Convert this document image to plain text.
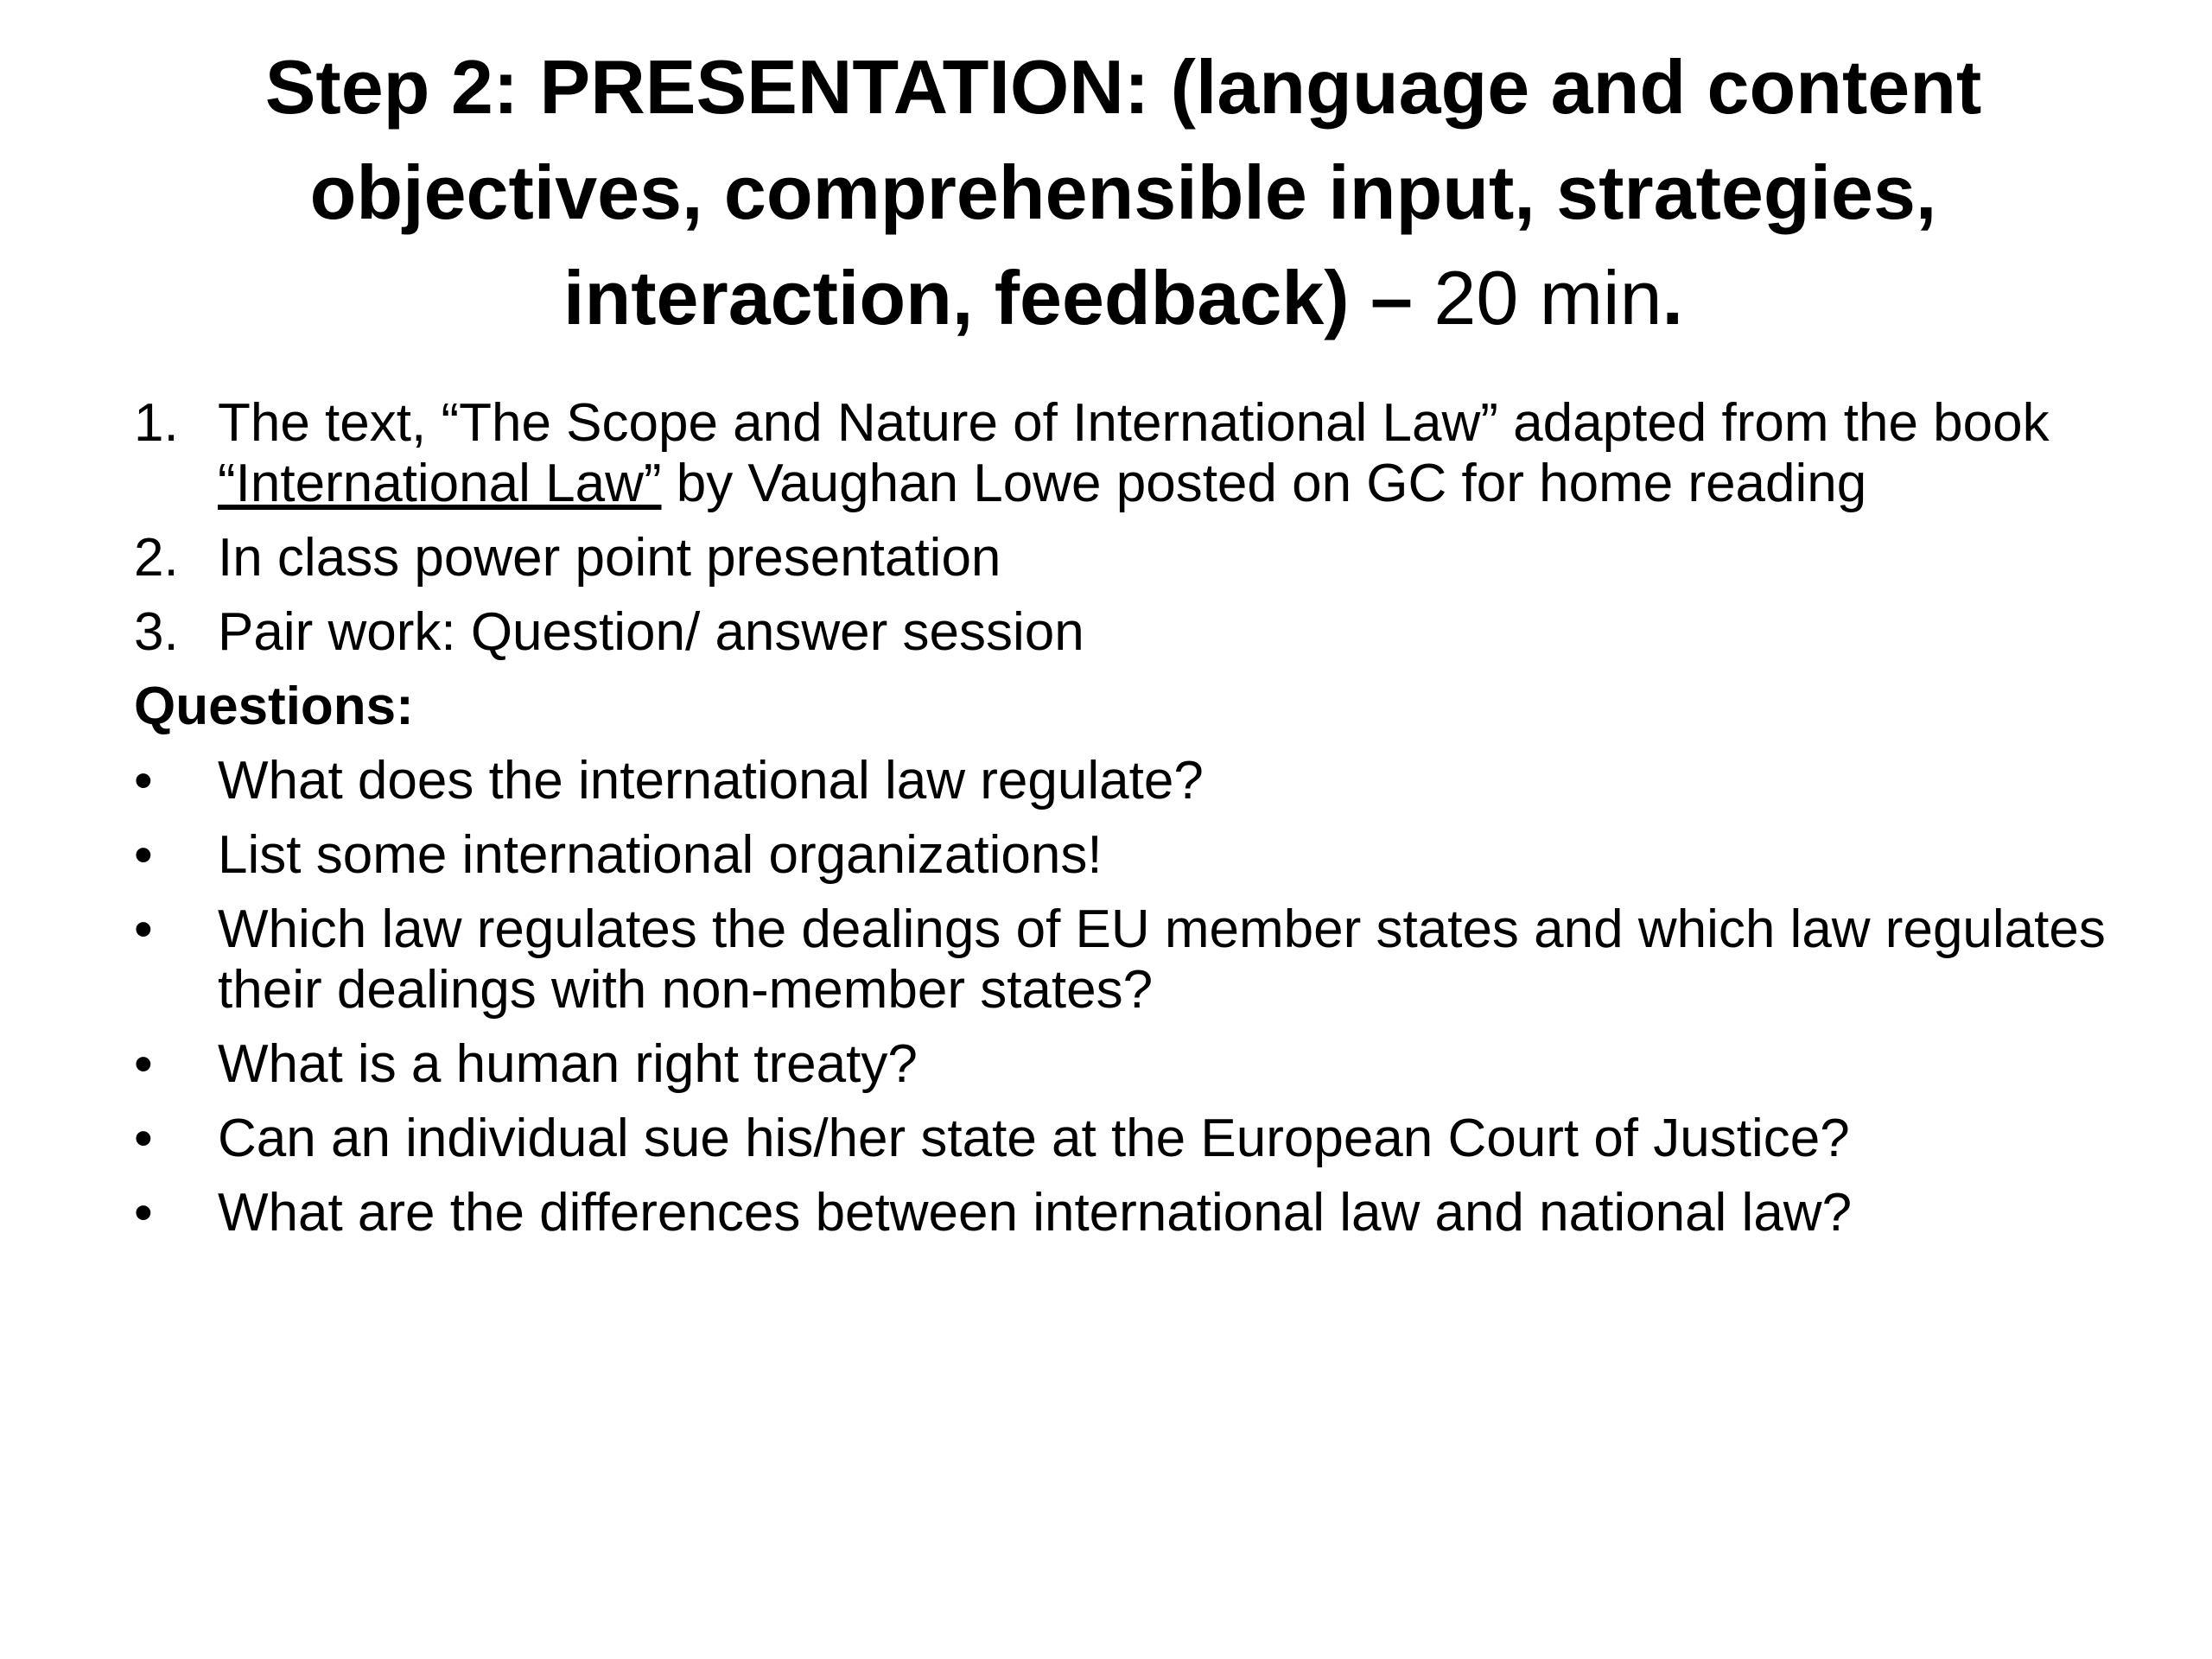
Step 2: PRESENTATION: (language and content objectives, comprehensible input, strategies, interaction, feedback) – 20 min.
1. The text, “The Scope and Nature of International Law” adapted from the book “International Law” by Vaughan Lowe posted on GC for home reading
2. In class power point presentation
3. Pair work: Question/ answer session
Questions:
• What does the international law regulate?
• List some international organizations!
• Which law regulates the dealings of EU member states and which law regulates their dealings with non-member states?
• What is a human right treaty?
• Can an individual sue his/her state at the European Court of Justice?
• What are the differences between international law and national law?
